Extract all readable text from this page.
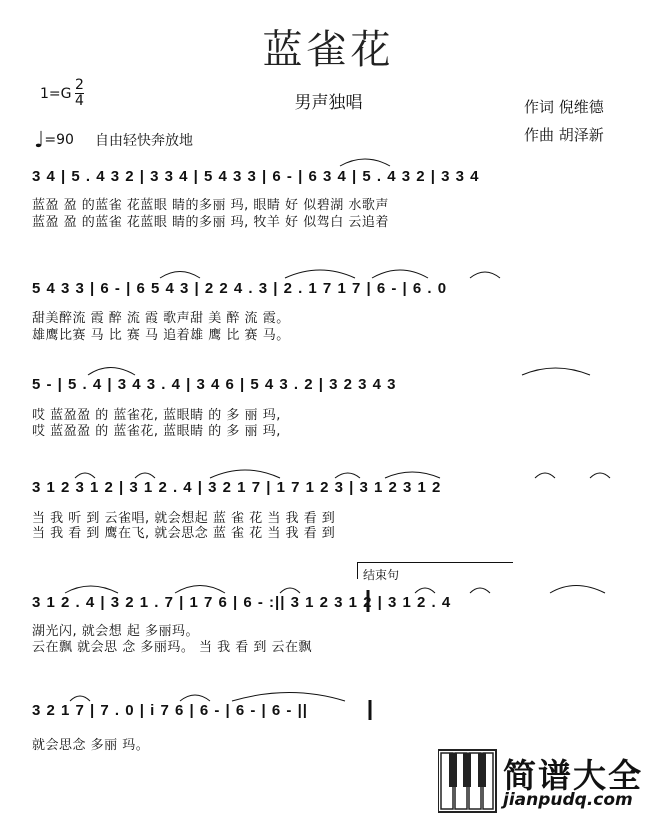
蓝雀花
男声独唱
1=G
2
4
♩=90 自由轻快奔放地
作词 倪维德
作曲 胡泽新
3 4 | 5 . 4 3 2 | 3 3 4 | 5 4 3 3 | 6 - | 6 3 4 | 5 . 4 3 2 | 3 3 4
蓝盈 盈 的蓝雀 花蓝眼 睛的多丽 玛, 眼睛 好 似碧湖 水歌声
蓝盈 盈 的蓝雀 花蓝眼 睛的多丽 玛, 牧羊 好 似驾白 云追着
5 4 3 3 | 6 - | 6 5 4 3 | 2 2 4 . 3 | 2 . 1 7 1 7 | 6 - | 6 . 0
甜美醉流 霞 醉 流 霞 歌声甜 美 醉 流 霞。
雄鹰比赛 马 比 赛 马 追着雄 鹰 比 赛 马。
5 - | 5 . 4 | 3 4 3 . 4 | 3 4 6 | 5 4 3 . 2 | 3 2 3 4 3
哎 蓝盈盈 的 蓝雀花, 蓝眼睛 的 多 丽 玛,
哎 蓝盈盈 的 蓝雀花, 蓝眼睛 的 多 丽 玛,
3 1 2 3 1 2 | 3 1 2 . 4 | 3 2 1 7 | 1 7 1 2 3 | 3 1 2 3 1 2
当 我 听 到 云雀唱, 就会想起 蓝 雀 花 当 我 看 到
当 我 看 到 鹰在飞, 就会思念 蓝 雀 花 当 我 看 到
结束句
3 1 2 . 4 | 3 2 1 . 7 | 1 7 6 | 6 - :|| 3 1 2 3 1 2 | 3 1 2 . 4
湖光闪, 就会想 起 多丽玛。
云在飘 就会思 念 多丽玛。 当 我 看 到 云在飘
3 2 1 7 | 7 . 0 | i 7 6 | 6 - | 6 - | 6 - ||
就会思念 多丽 玛。
简谱大全
jianpudq.com
